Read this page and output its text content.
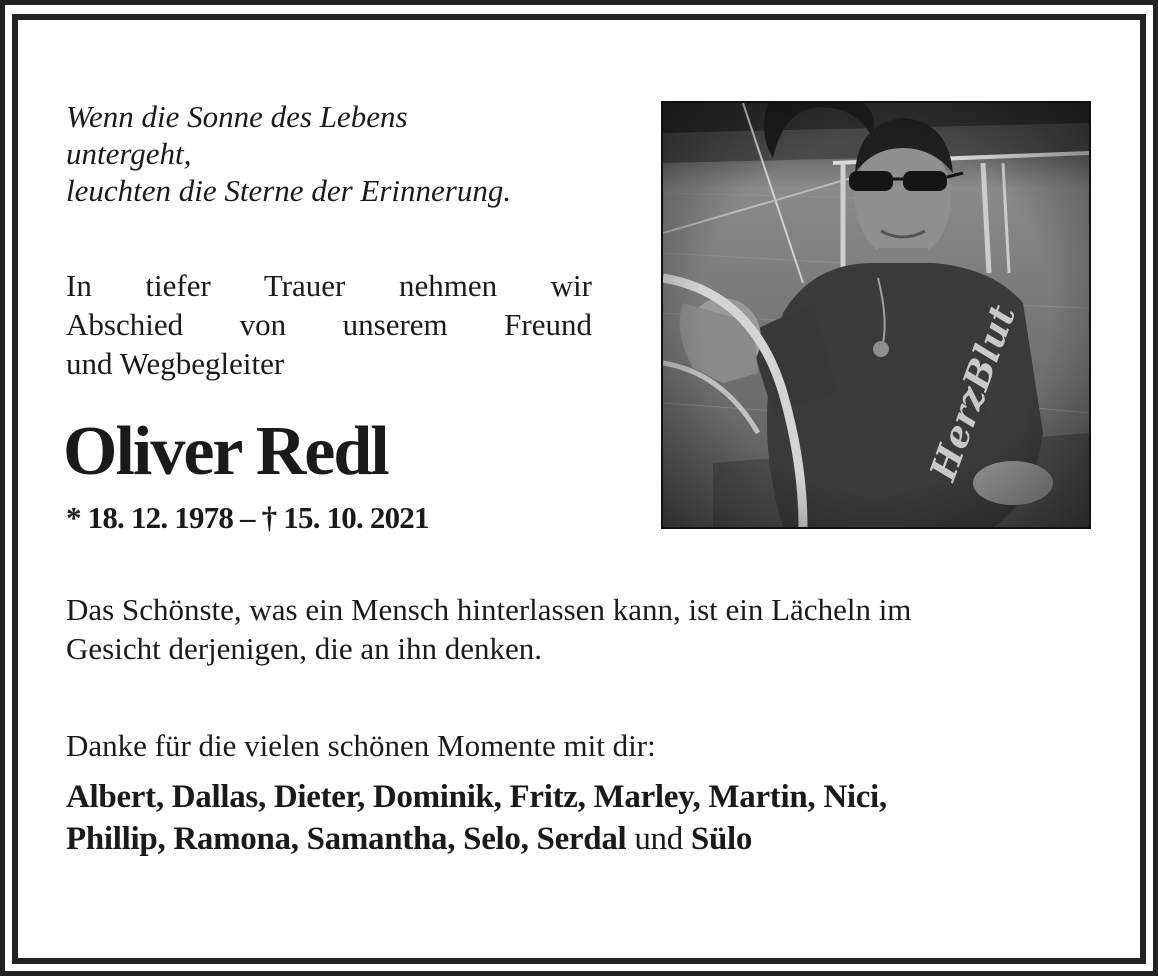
Wenn die Sonne des Lebens
untergeht,
leuchten die Sterne der Erinnerung.
In tiefer Trauer nehmen wir
Abschied von unserem Freund
und Wegbegleiter
Oliver Redl
* 18. 12. 1978 – † 15. 10. 2021
Das Schönste, was ein Mensch hinterlassen kann, ist ein Lächeln im
Gesicht derjenigen, die an ihn denken.
Danke für die vielen schönen Momente mit dir:
Albert, Dallas, Dieter, Dominik, Fritz, Marley, Martin, Nici,
Phillip, Ramona, Samantha, Selo, Serdal und Sülo
